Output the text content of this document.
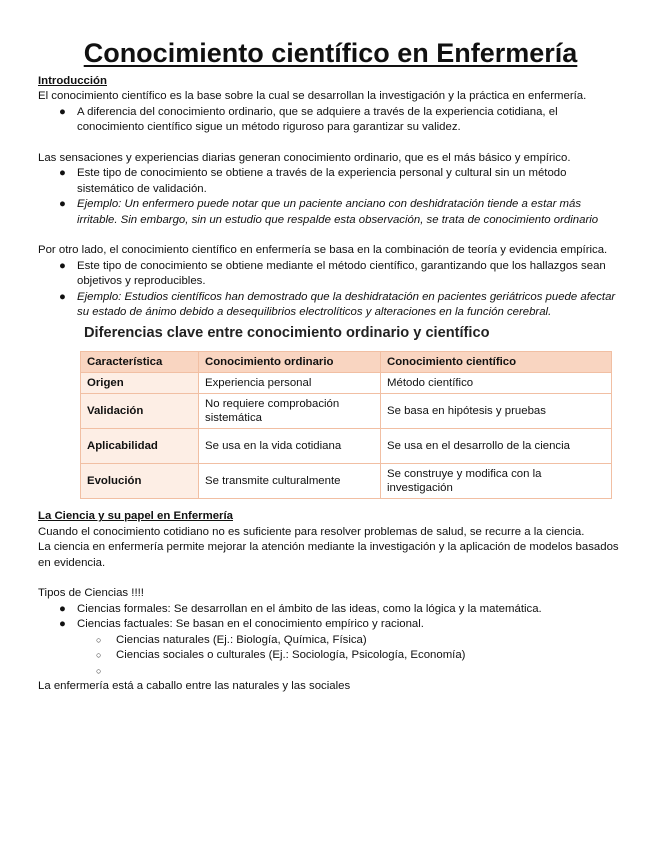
Conocimiento científico en Enfermería

Introducción

El conocimiento científico es la base sobre la cual se desarrollan la investigación y la práctica en enfermería.

● A diferencia del conocimiento ordinario, que se adquiere a través de la experiencia cotidiana, el conocimiento científico sigue un método riguroso para garantizar su validez.

Las sensaciones y experiencias diarias generan conocimiento ordinario, que es el más básico y empírico.

● Este tipo de conocimiento se obtiene a través de la experiencia personal y cultural sin un método sistemático de validación.
● Ejemplo: Un enfermero puede notar que un paciente anciano con deshidratación tiende a estar más irritable. Sin embargo, sin un estudio que respalde esta observación, se trata de conocimiento ordinario

Por otro lado, el conocimiento científico en enfermería se basa en la combinación de teoría y evidencia empírica.

● Este tipo de conocimiento se obtiene mediante el método científico, garantizando que los hallazgos sean objetivos y reproducibles.
● Ejemplo: Estudios científicos han demostrado que la deshidratación en pacientes geriátricos puede afectar su estado de ánimo debido a desequilibrios electrolíticos y alteraciones en la función cerebral.

Diferencias clave entre conocimiento ordinario y científico

Característica	Conocimiento ordinario	Conocimiento científico
Origen	Experiencia personal	Método científico
Validación	No requiere comprobación sistemática	Se basa en hipótesis y pruebas
Aplicabilidad	Se usa en la vida cotidiana	Se usa en el desarrollo de la ciencia
Evolución	Se transmite culturalmente	Se construye y modifica con la investigación

La Ciencia y su papel en Enfermería

Cuando el conocimiento cotidiano no es suficiente para resolver problemas de salud, se recurre a la ciencia.

La ciencia en enfermería permite mejorar la atención mediante la investigación y la aplicación de modelos basados en evidencia.

Tipos de Ciencias !!!!

● Ciencias formales: Se desarrollan en el ámbito de las ideas, como la lógica y la matemática.
● Ciencias factuales: Se basan en el conocimiento empírico y racional.
○ Ciencias naturales (Ej.: Biología, Química, Física)
○ Ciencias sociales o culturales (Ej.: Sociología, Psicología, Economía)
○

La enfermería está a caballo entre las naturales y las sociales
